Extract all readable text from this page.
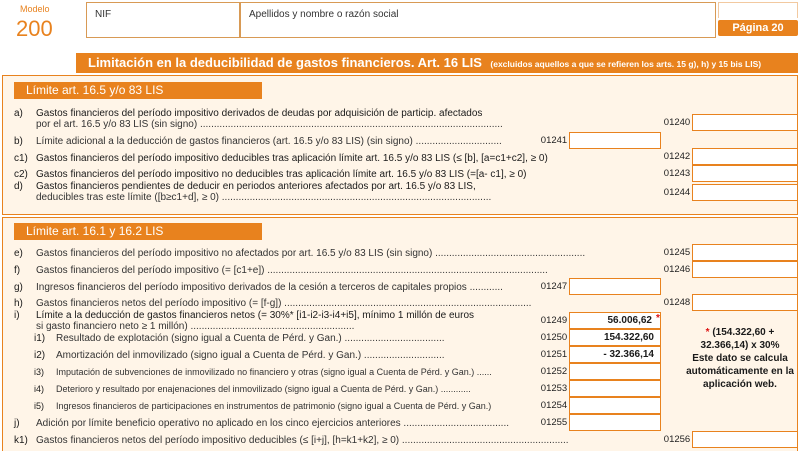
Modelo
200
NIF	Apellidos y nombre o razón social
Página 20
Limitación en la deducibilidad de gastos financieros. Art. 16 LIS (excluidos aquellos a que se refieren los arts. 15 g), h) y 15 bis LIS)
Límite art. 16.5 y/o 83 LIS
a) Gastos financieros del período impositivo derivados de deudas por adquisición de particip. afectados
por el art. 16.5 y/o 83 LIS (sin signo) .............................................................................................................	01240
b) Límite adicional a la deducción de gastos financieros (art. 16.5 y/o 83 LIS) (sin signo) ...............................	01241
c1) Gastos financieros del período impositivo deducibles tras aplicación límite art. 16.5 y/o 83 LIS (≤ [b], [a=c1+c2], ≥ 0)	01242
c2) Gastos financieros del período impositivo no deducibles tras aplicación límite art. 16.5 y/o 83 LIS (=[a- c1], ≥ 0)	01243
d) Gastos financieros pendientes de deducir en periodos anteriores afectados por art. 16.5 y/o 83 LIS,
deducibles tras este límite ([b≥c1+d], ≥ 0) .................................................................................................	01244
Límite art. 16.1 y 16.2 LIS
e) Gastos financieros del período impositivo no afectados por art. 16.5 y/o 83 LIS (sin signo) ......................................................	01245
f) Gastos financieros del período impositivo (= [c1+e]) .....................................................................................................	01246
g) Ingresos financieros del período impositivo derivados de la cesión a terceros de capitales propios ............	01247
h) Gastos financieros netos del período impositivo (= [f-g]) .........................................................................................	01248
i) Límite a la deducción de gastos financieros netos (= 30%* [i1-i2-i3-i4+i5], mínimo 1 millón de euros
si gasto financiero neto ≥ 1 millón) ...........................................................
01249	56.006,62 *
i1) Resultado de explotación (signo igual a Cuenta de Pérd. y Gan.) ....................................	01250	154.322,60
i2) Amortización del inmovilizado (signo igual a Cuenta de Pérd. y Gan.) .............................	01251	- 32.366,14
i3) Imputación de subvenciones de inmovilizado no financiero y otras (signo igual a Cuenta de Pérd. y Gan.) ......	01252
i4) Deterioro y resultado por enajenaciones del inmovilizado (signo igual a Cuenta de Pérd. y Gan.) ............	01253
i5) Ingresos financieros de participaciones en instrumentos de patrimonio (signo igual a Cuenta de Pérd. y Gan.)	01254
j) Adición por límite beneficio operativo no aplicado en los cinco ejercicios anteriores ......................................	01255
k1) Gastos financieros netos del período impositivo deducibles (≤ [i+j], [h=k1+k2], ≥ 0) ............................................................	01256
* (154.322,60 + 32.366,14) x 30%
Este dato se calcula automáticamente en la aplicación web.
